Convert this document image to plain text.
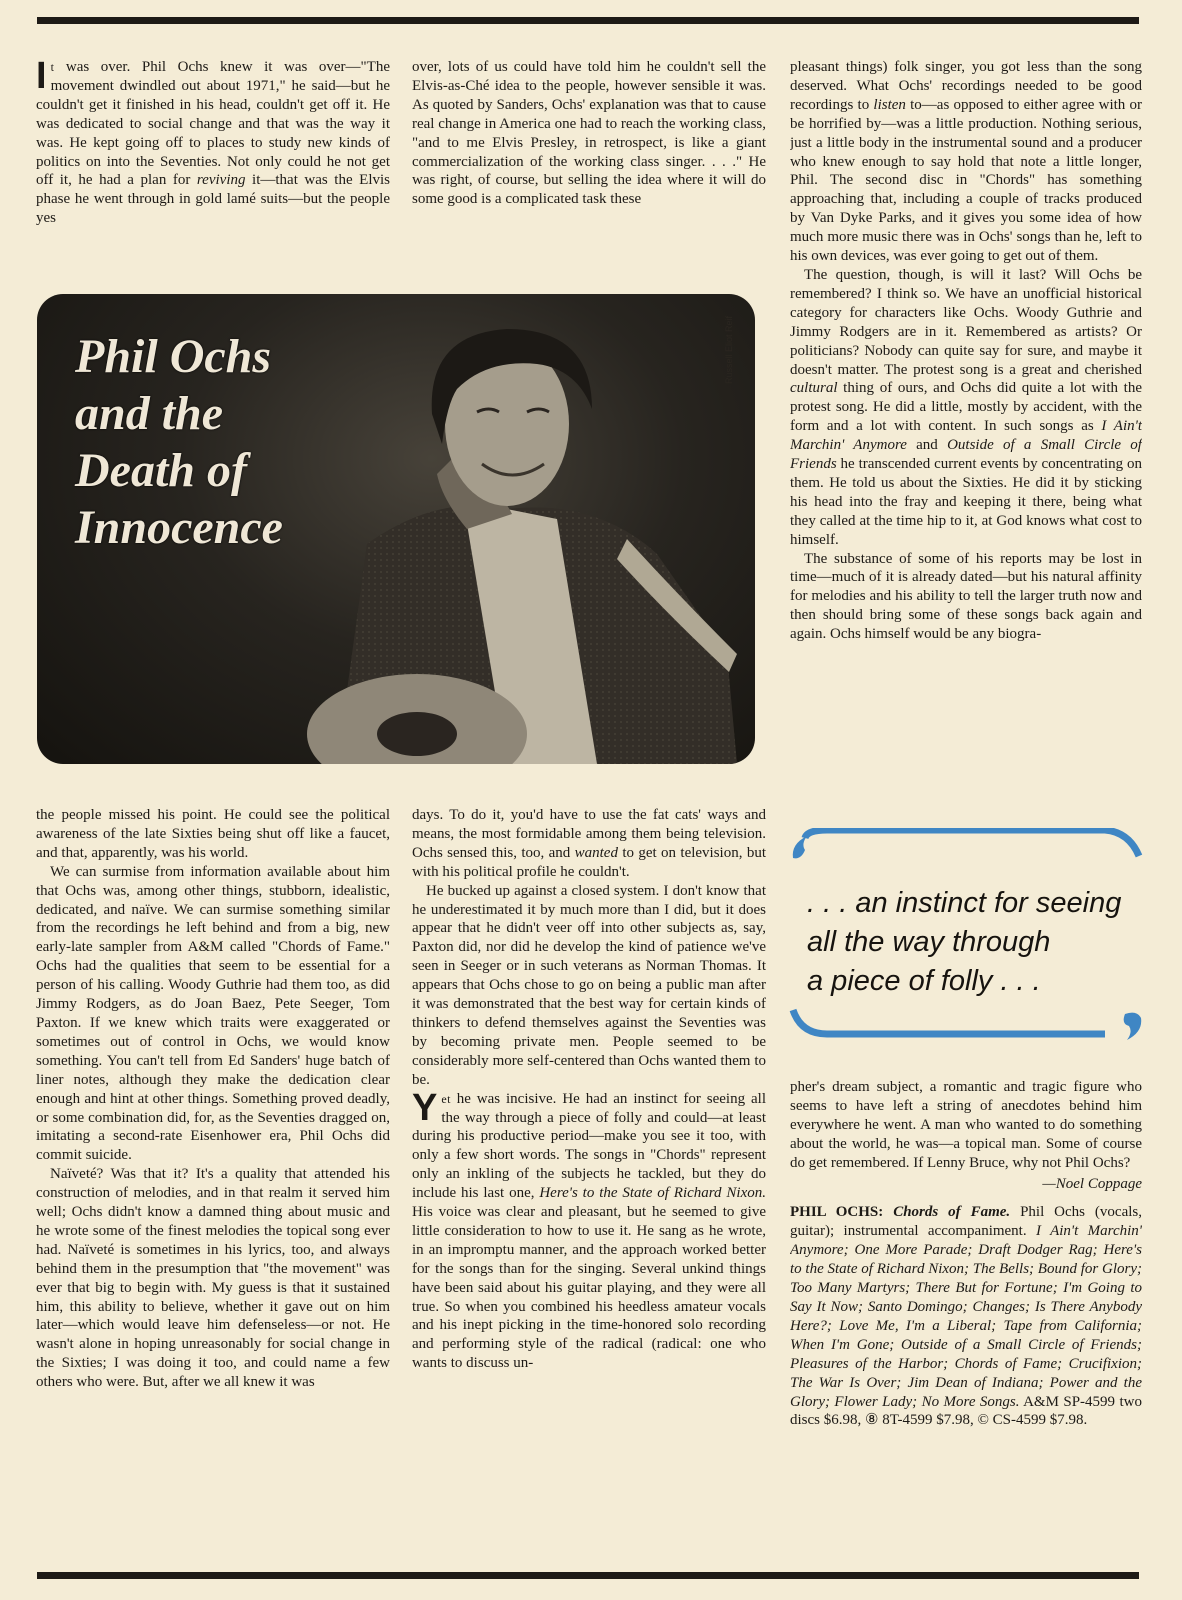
It was over. Phil Ochs knew it was over—"The movement dwindled out about 1971," he said—but he couldn't get it finished in his head, couldn't get off it. He was dedicated to social change and that was the way it was. He kept going off to places to study new kinds of politics on into the Seventies. Not only could he not get off it, he had a plan for reviving it—that was the Elvis phase he went through in gold lamé suits—but the people yes

over, lots of us could have told him he couldn't sell the Elvis-as-Ché idea to the people, however sensible it was. As quoted by Sanders, Ochs' explanation was that to cause real change in America one had to reach the working class, "and to me Elvis Presley, in retrospect, is like a giant commercialization of the working class singer. . . ." He was right, of course, but selling the idea where it will do some good is a complicated task these

Phil Ochs
and the
Death of
Innocence
Russell Eliot Reif

the people missed his point. He could see the political awareness of the late Sixties being shut off like a faucet, and that, apparently, was his world.

We can surmise from information available about him that Ochs was, among other things, stubborn, idealistic, dedicated, and naïve. We can surmise something similar from the recordings he left behind and from a big, new early-late sampler from A&M called "Chords of Fame." Ochs had the qualities that seem to be essential for a person of his calling. Woody Guthrie had them too, as did Jimmy Rodgers, as do Joan Baez, Pete Seeger, Tom Paxton. If we knew which traits were exaggerated or sometimes out of control in Ochs, we would know something. You can't tell from Ed Sanders' huge batch of liner notes, although they make the dedication clear enough and hint at other things. Something proved deadly, or some combination did, for, as the Seventies dragged on, imitating a second-rate Eisenhower era, Phil Ochs did commit suicide.

Naïveté? Was that it? It's a quality that attended his construction of melodies, and in that realm it served him well; Ochs didn't know a damned thing about music and he wrote some of the finest melodies the topical song ever had. Naïveté is sometimes in his lyrics, too, and always behind them in the presumption that "the movement" was ever that big to begin with. My guess is that it sustained him, this ability to believe, whether it gave out on him later—which would leave him defenseless—or not. He wasn't alone in hoping unreasonably for social change in the Sixties; I was doing it too, and could name a few others who were. But, after we all knew it was

days. To do it, you'd have to use the fat cats' ways and means, the most formidable among them being television. Ochs sensed this, too, and wanted to get on television, but with his political profile he couldn't.

He bucked up against a closed system. I don't know that he underestimated it by much more than I did, but it does appear that he didn't veer off into other subjects as, say, Paxton did, nor did he develop the kind of patience we've seen in Seeger or in such veterans as Norman Thomas. It appears that Ochs chose to go on being a public man after it was demonstrated that the best way for certain kinds of thinkers to defend themselves against the Seventies was by becoming private men. People seemed to be considerably more self-centered than Ochs wanted them to be.

Yet he was incisive. He had an instinct for seeing all the way through a piece of folly and could—at least during his productive period—make you see it too, with only a few short words. The songs in "Chords" represent only an inkling of the subjects he tackled, but they do include his last one, Here's to the State of Richard Nixon. His voice was clear and pleasant, but he seemed to give little consideration to how to use it. He sang as he wrote, in an impromptu manner, and the approach worked better for the songs than for the singing. Several unkind things have been said about his guitar playing, and they were all true. So when you combined his heedless amateur vocals and his inept picking in the time-honored solo recording and performing style of the radical (radical: one who wants to discuss un-

pleasant things) folk singer, you got less than the song deserved. What Ochs' recordings needed to be good recordings to listen to—as opposed to either agree with or be horrified by—was a little production. Nothing serious, just a little body in the instrumental sound and a producer who knew enough to say hold that note a little longer, Phil. The second disc in "Chords" has something approaching that, including a couple of tracks produced by Van Dyke Parks, and it gives you some idea of how much more music there was in Ochs' songs than he, left to his own devices, was ever going to get out of them.

The question, though, is will it last? Will Ochs be remembered? I think so. We have an unofficial historical category for characters like Ochs. Woody Guthrie and Jimmy Rodgers are in it. Remembered as artists? Or politicians? Nobody can quite say for sure, and maybe it doesn't matter. The protest song is a great and cherished cultural thing of ours, and Ochs did quite a lot with the protest song. He did a little, mostly by accident, with the form and a lot with content. In such songs as I Ain't Marchin' Anymore and Outside of a Small Circle of Friends he transcended current events by concentrating on them. He told us about the Sixties. He did it by sticking his head into the fray and keeping it there, being what they called at the time hip to it, at God knows what cost to himself.

The substance of some of his reports may be lost in time—much of it is already dated—but his natural affinity for melodies and his ability to tell the larger truth now and then should bring some of these songs back again and again. Ochs himself would be any biogra-

. . . an instinct for seeing
all the way through
a piece of folly . . .

pher's dream subject, a romantic and tragic figure who seems to have left a string of anecdotes behind him everywhere he went. A man who wanted to do something about the world, he was—a topical man. Some of course do get remembered. If Lenny Bruce, why not Phil Ochs?

—Noel Coppage

PHIL OCHS: Chords of Fame. Phil Ochs (vocals, guitar); instrumental accompaniment. I Ain't Marchin' Anymore; One More Parade; Draft Dodger Rag; Here's to the State of Richard Nixon; The Bells; Bound for Glory; Too Many Martyrs; There But for Fortune; I'm Going to Say It Now; Santo Domingo; Changes; Is There Anybody Here?; Love Me, I'm a Liberal; Tape from California; When I'm Gone; Outside of a Small Circle of Friends; Pleasures of the Harbor; Chords of Fame; Crucifixion; The War Is Over; Jim Dean of Indiana; Power and the Glory; Flower Lady; No More Songs. A&M SP-4599 two discs $6.98, ⑧ 8T-4599 $7.98, © CS-4599 $7.98.
